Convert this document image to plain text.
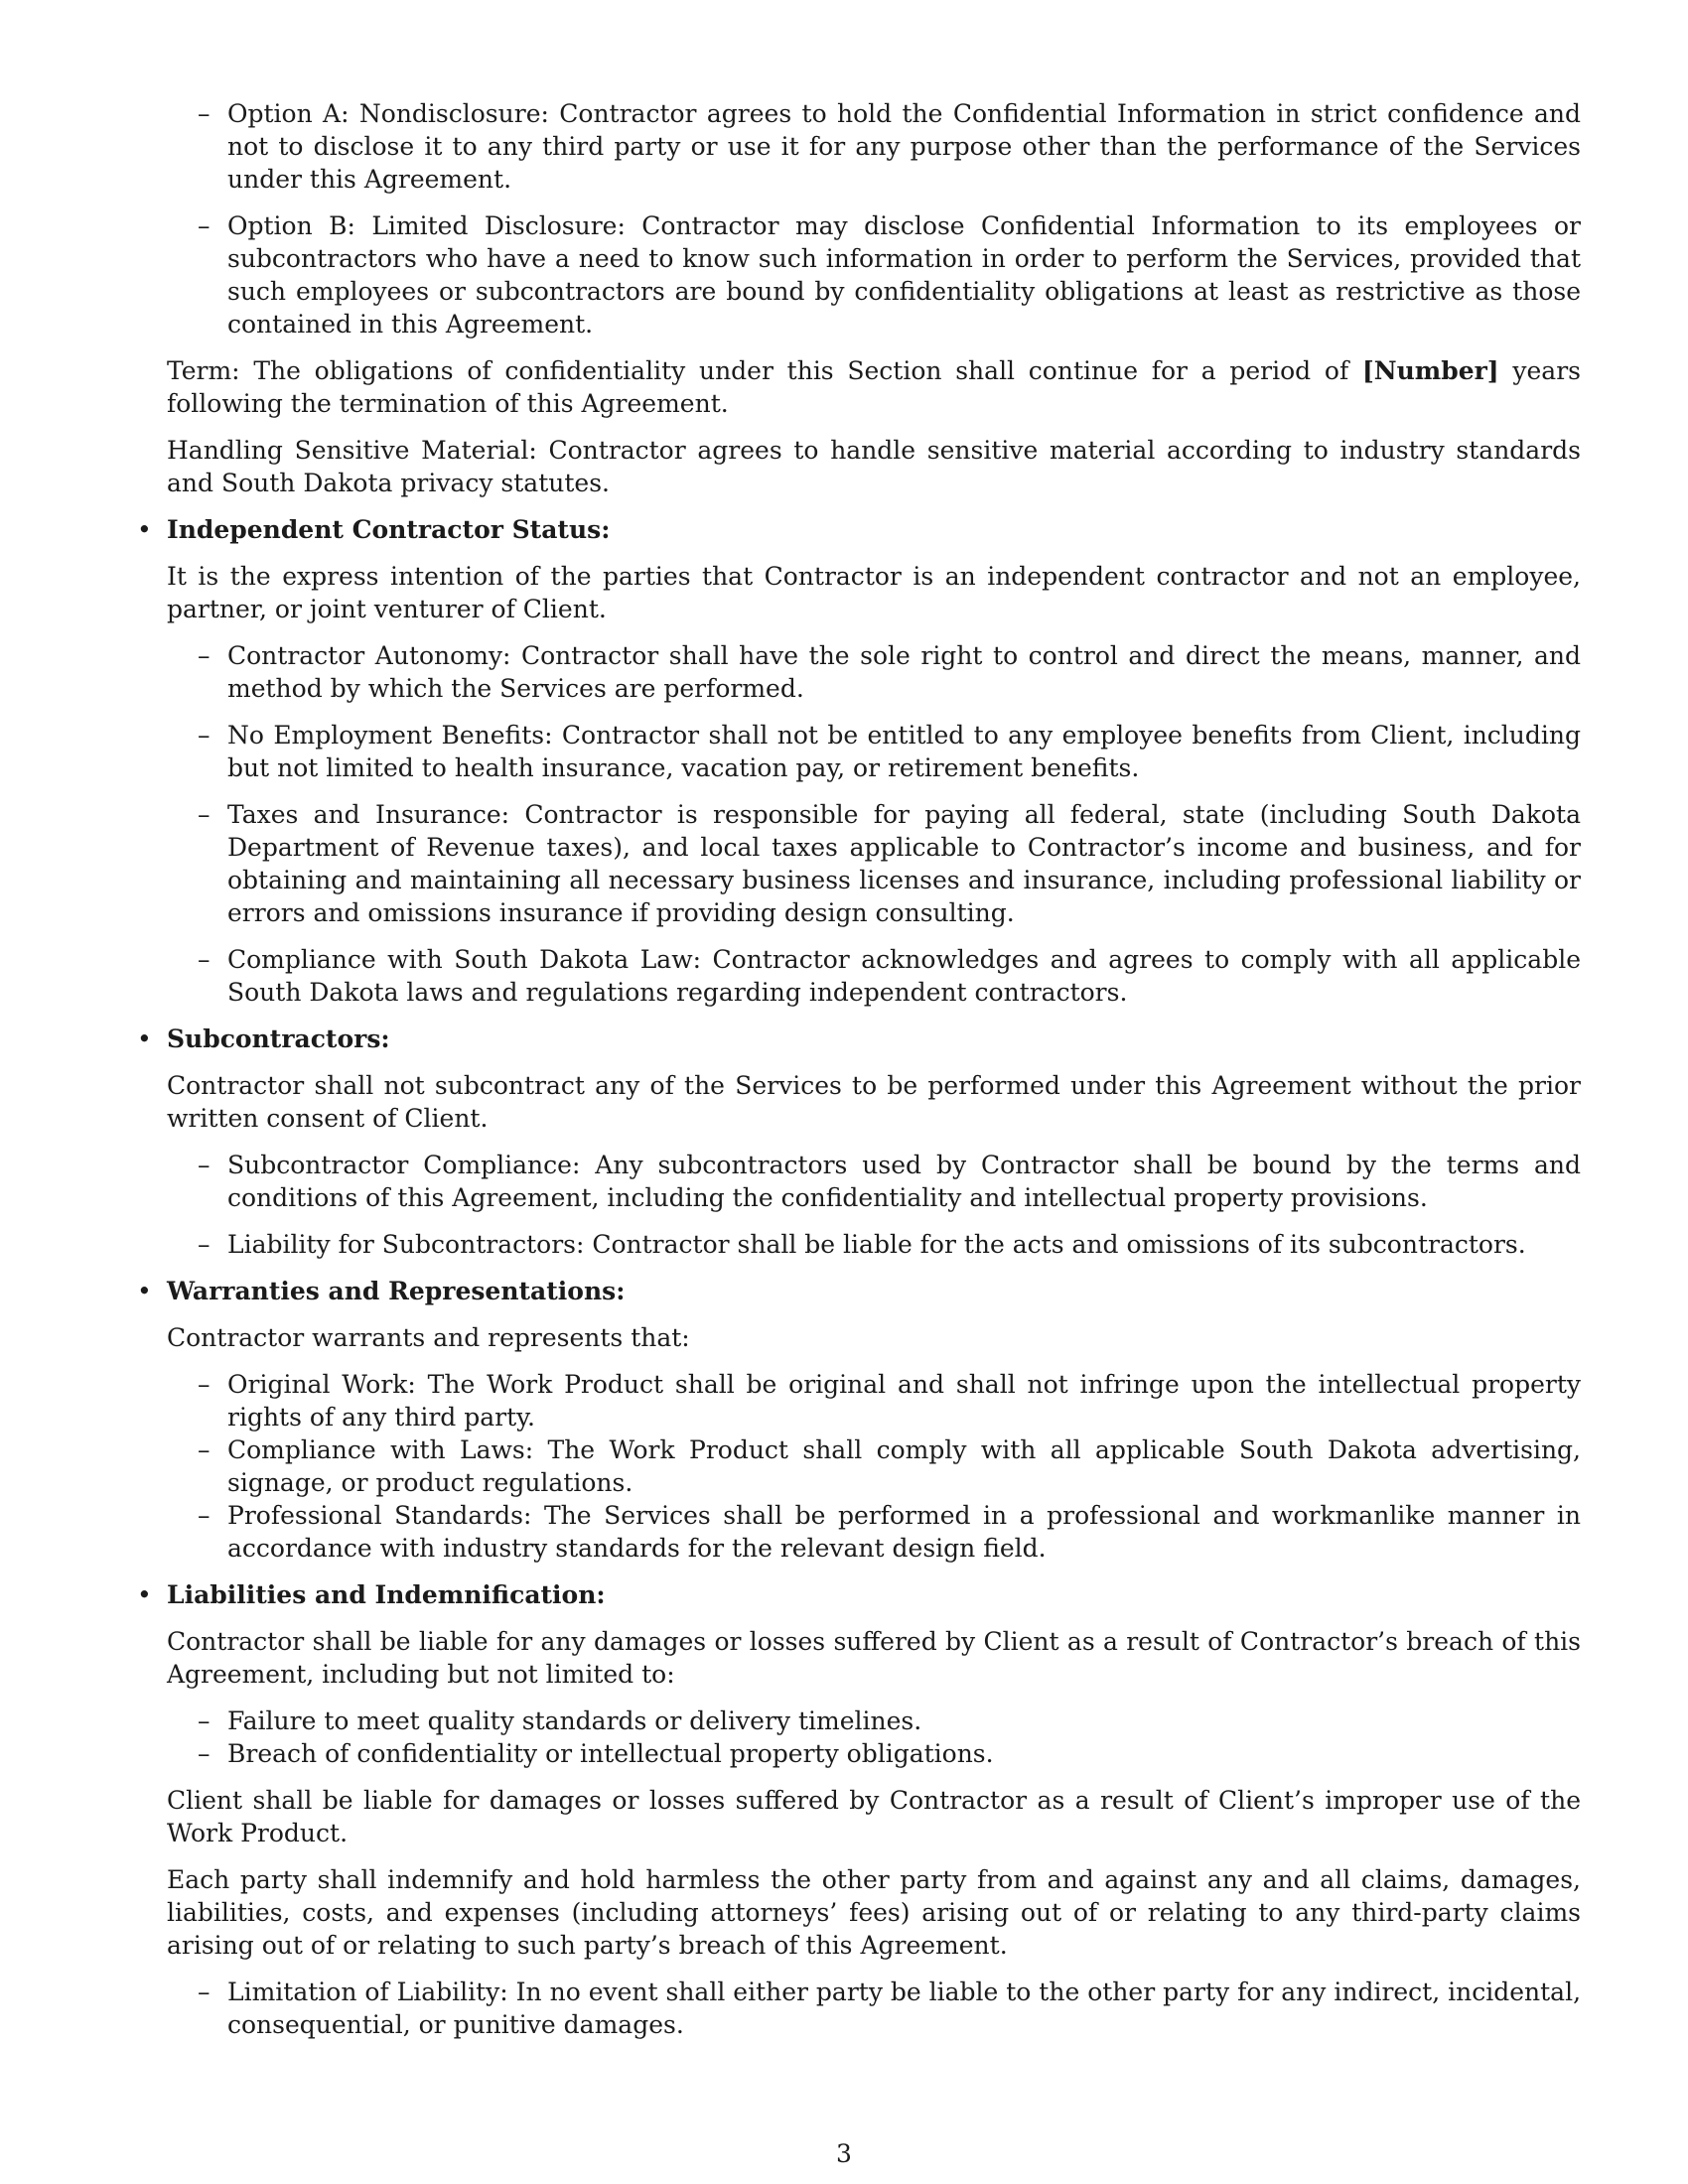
– Option A: Nondisclosure: Contractor agrees to hold the Confidential Information in strict confidence and not to disclose it to any third party or use it for any purpose other than the performance of the Services under this Agreement.
– Option B: Limited Disclosure: Contractor may disclose Confidential Information to its employees or subcontractors who have a need to know such information in order to perform the Services, provided that such employees or subcontractors are bound by confidentiality obligations at least as restrictive as those contained in this Agreement.

Term: The obligations of confidentiality under this Section shall continue for a period of [Number] years following the termination of this Agreement.

Handling Sensitive Material: Contractor agrees to handle sensitive material according to industry standards and South Dakota privacy statutes.

• Independent Contractor Status:

It is the express intention of the parties that Contractor is an independent contractor and not an employee, partner, or joint venturer of Client.

– Contractor Autonomy: Contractor shall have the sole right to control and direct the means, manner, and method by which the Services are performed.
– No Employment Benefits: Contractor shall not be entitled to any employee benefits from Client, including but not limited to health insurance, vacation pay, or retirement benefits.
– Taxes and Insurance: Contractor is responsible for paying all federal, state (including South Dakota Department of Revenue taxes), and local taxes applicable to Contractor’s income and business, and for obtaining and maintaining all necessary business licenses and insurance, including professional liability or errors and omissions insurance if providing design consulting.
– Compliance with South Dakota Law: Contractor acknowledges and agrees to comply with all applicable South Dakota laws and regulations regarding independent contractors.
• Subcontractors:

Contractor shall not subcontract any of the Services to be performed under this Agreement without the prior written consent of Client.

– Subcontractor Compliance: Any subcontractors used by Contractor shall be bound by the terms and conditions of this Agreement, including the confidentiality and intellectual property provisions.
– Liability for Subcontractors: Contractor shall be liable for the acts and omissions of its subcontractors.
• Warranties and Representations:

Contractor warrants and represents that:

– Original Work: The Work Product shall be original and shall not infringe upon the intellectual property rights of any third party.
– Compliance with Laws: The Work Product shall comply with all applicable South Dakota advertising, signage, or product regulations.
– Professional Standards: The Services shall be performed in a professional and workmanlike manner in accordance with industry standards for the relevant design field.
• Liabilities and Indemnification:

Contractor shall be liable for any damages or losses suffered by Client as a result of Contractor’s breach of this Agreement, including but not limited to:

– Failure to meet quality standards or delivery timelines.
– Breach of confidentiality or intellectual property obligations.

Client shall be liable for damages or losses suffered by Contractor as a result of Client’s improper use of the Work Product.

Each party shall indemnify and hold harmless the other party from and against any and all claims, damages, liabilities, costs, and expenses (including attorneys’ fees) arising out of or relating to any third-party claims arising out of or relating to such party’s breach of this Agreement.

– Limitation of Liability: In no event shall either party be liable to the other party for any indirect, incidental, consequential, or punitive damages.
3
